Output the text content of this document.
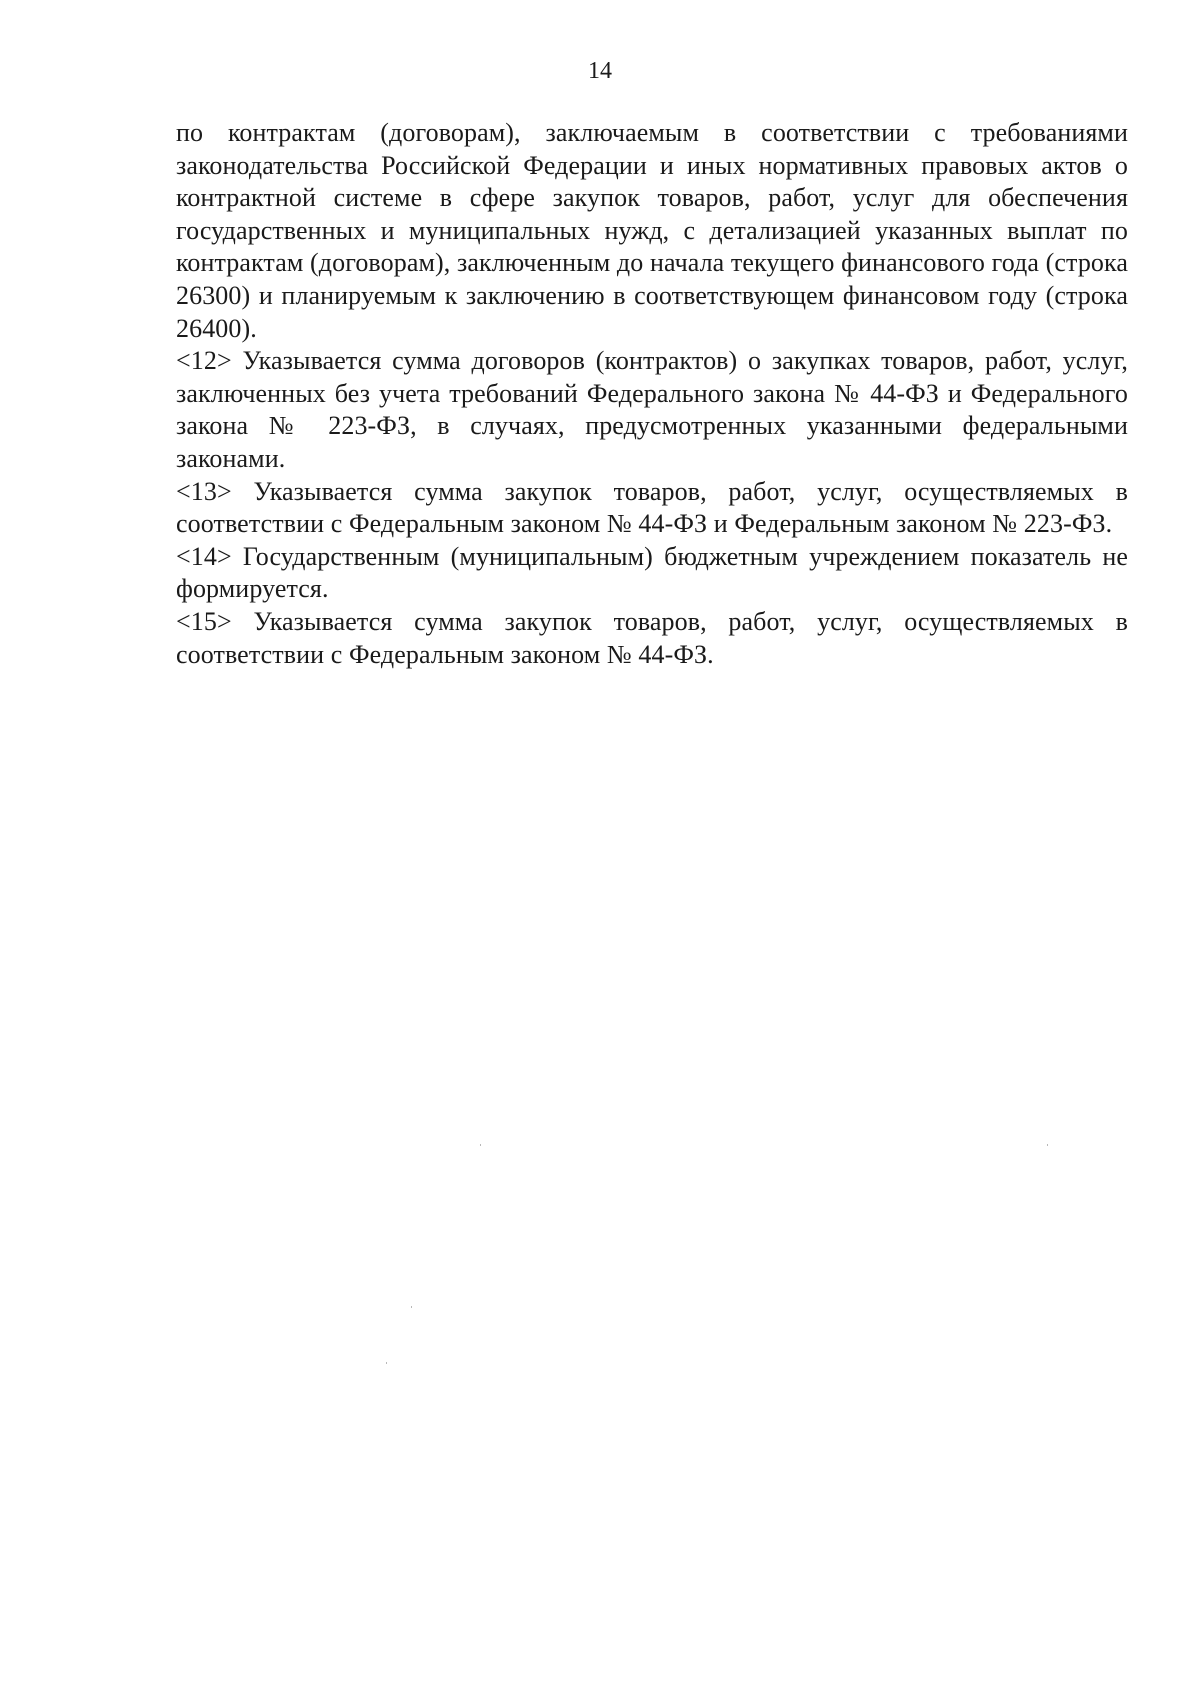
14

по контрактам (договорам), заключаемым в соответствии с требованиями законодательства Российской Федерации и иных нормативных правовых актов о контрактной системе в сфере закупок товаров, работ, услуг для обеспечения государственных и муниципальных нужд, с детализацией указанных выплат по контрактам (договорам), заключенным до начала текущего финансового года (строка 26300) и планируемым к заключению в соответствующем финансовом году (строка 26400).

<12> Указывается сумма договоров (контрактов) о закупках товаров, работ, услуг, заключенных без учета требований Федерального закона № 44-ФЗ и Федерального закона № 223-ФЗ, в случаях, предусмотренных указанными федеральными законами.

<13> Указывается сумма закупок товаров, работ, услуг, осуществляемых в соответствии с Федеральным законом № 44-ФЗ и Федеральным законом № 223-ФЗ.

<14> Государственным (муниципальным) бюджетным учреждением показатель не формируется.

<15> Указывается сумма закупок товаров, работ, услуг, осуществляемых в соответствии с Федеральным законом № 44-ФЗ.
